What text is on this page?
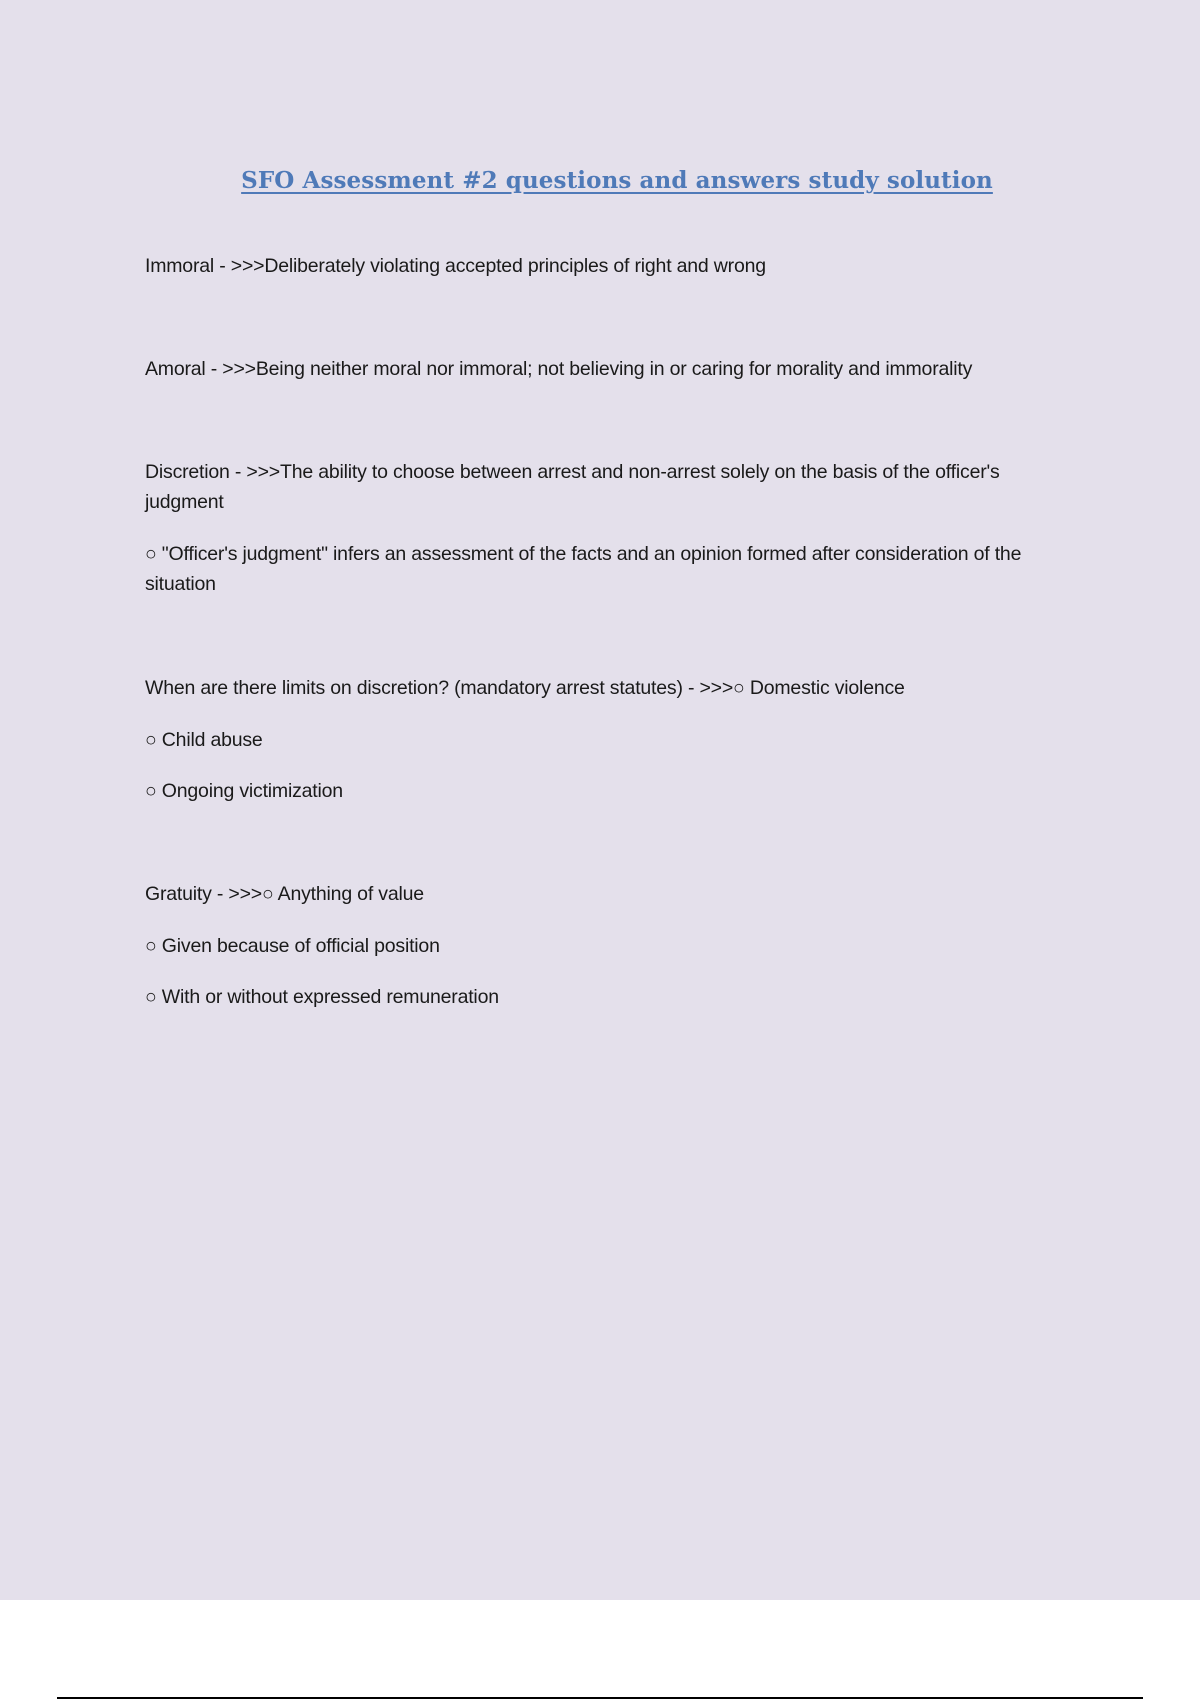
SFO Assessment #2 questions and answers study solution
Immoral - >>>Deliberately violating accepted principles of right and wrong
Amoral - >>>Being neither moral nor immoral; not believing in or caring for morality and immorality
Discretion - >>>The ability to choose between arrest and non-arrest solely on the basis of the officer's judgment
○ "Officer's judgment" infers an assessment of the facts and an opinion formed after consideration of the situation
When are there limits on discretion? (mandatory arrest statutes) - >>>○ Domestic violence
○ Child abuse
○ Ongoing victimization
Gratuity - >>>○ Anything of value
○ Given because of official position
○ With or without expressed remuneration
